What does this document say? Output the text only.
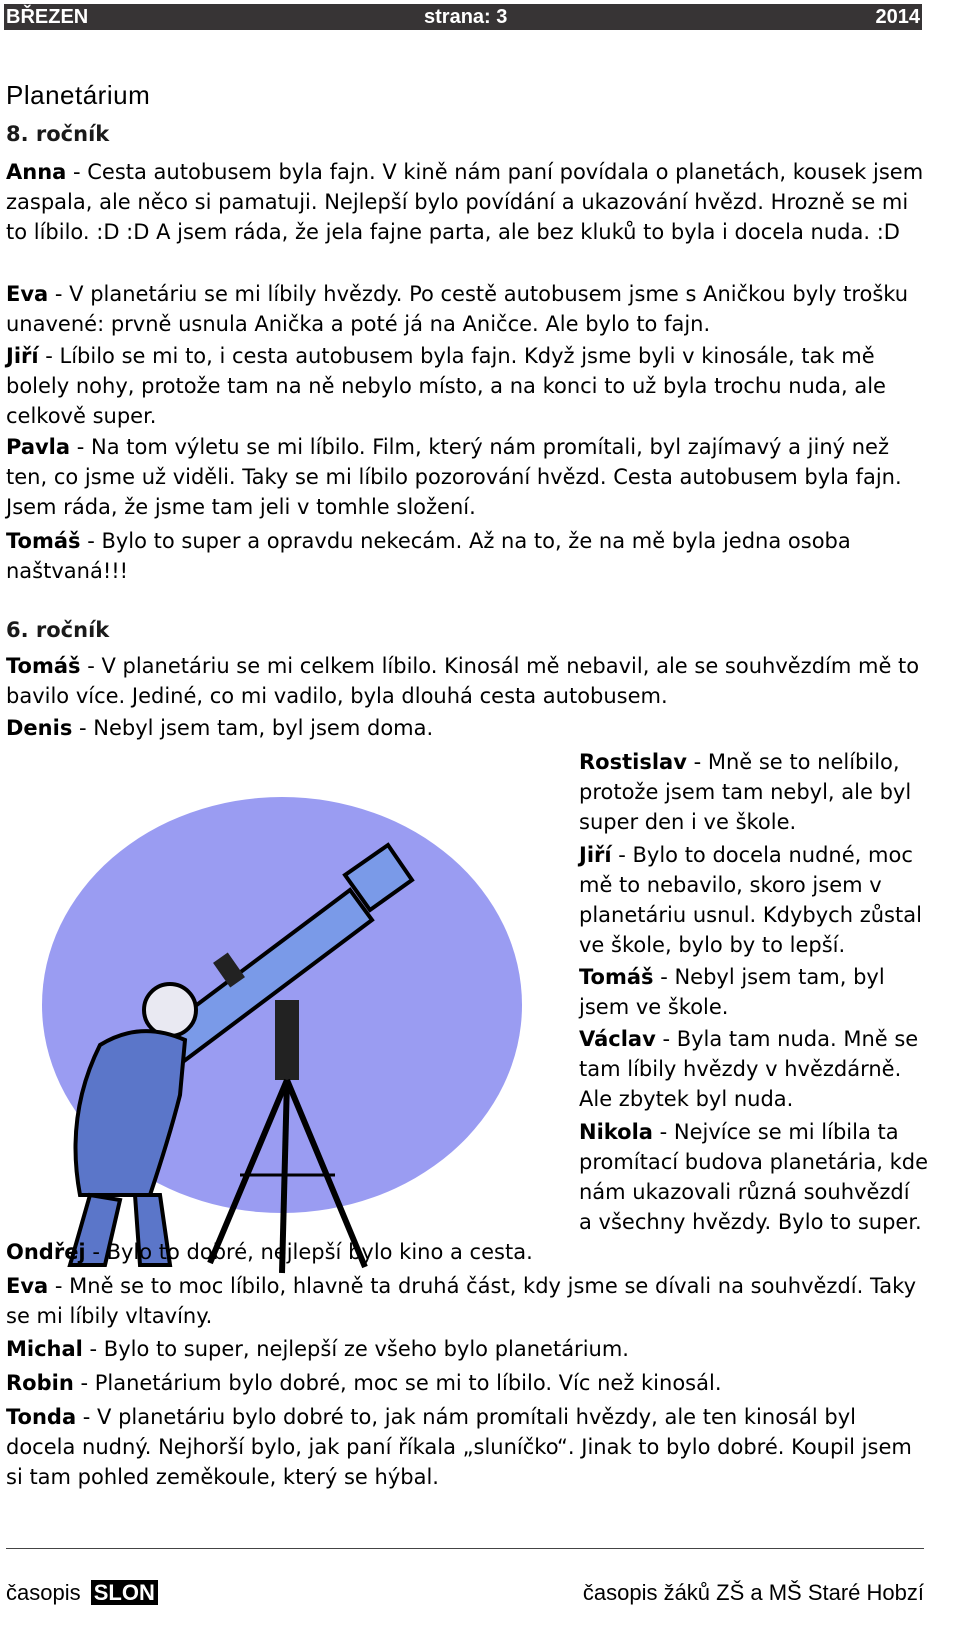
BŘEZEN	strana: 3	2014
Planetárium
8. ročník
Anna - Cesta autobusem byla fajn. V kině nám paní povídala o planetách, kousek jsem zaspala, ale něco si pamatuji. Nejlepší bylo povídání a ukazování hvězd. Hrozně se mi to líbilo. :D :D A jsem ráda, že jela fajne parta, ale bez kluků to byla i docela nuda. :D
Eva - V planetáriu se mi líbily hvězdy. Po cestě autobusem jsme s Aničkou byly trošku unavené: prvně usnula Anička a poté já na Aničce. Ale bylo to fajn.
Jiří - Líbilo se mi to, i cesta autobusem byla fajn. Když jsme byli v kinosále, tak mě bolely nohy, protože tam na ně nebylo místo, a na konci to už byla trochu nuda, ale celkově super.
Pavla - Na tom výletu se mi líbilo. Film, který nám promítali, byl zajímavý a jiný než ten, co jsme už viděli. Taky se mi líbilo pozorování hvězd. Cesta autobusem byla fajn. Jsem ráda, že jsme tam jeli v tomhle složení.
Tomáš - Bylo to super a opravdu nekecám. Až na to, že na mě byla jedna osoba naštvaná!!!
6. ročník
Tomáš - V planetáriu se mi celkem líbilo. Kinosál mě nebavil, ale se souhvězdím mě to bavilo více. Jediné, co mi vadilo, byla dlouhá cesta autobusem.
Denis - Nebyl jsem tam, byl jsem doma.
Rostislav - Mně se to nelíbilo, protože jsem tam nebyl, ale byl super den i ve škole.
Jiří - Bylo to docela nudné, moc mě to nebavilo, skoro jsem v planetáriu usnul. Kdybych zůstal ve škole, bylo by to lepší.
Tomáš - Nebyl jsem tam, byl jsem ve škole.
Václav - Byla tam nuda. Mně se tam líbily hvězdy v hvězdárně. Ale zbytek byl nuda.
Nikola - Nejvíce se mi líbila ta promítací budova planetária, kde nám ukazovali různá souhvězdí a všechny hvězdy. Bylo to super.
Ondřej - Bylo to dobré, nejlepší bylo kino a cesta.
Eva - Mně se to moc líbilo, hlavně ta druhá část, kdy jsme se dívali na souhvězdí. Taky se mi líbily vltavíny.
Michal - Bylo to super, nejlepší ze všeho bylo planetárium.
Robin - Planetárium bylo dobré, moc se mi to líbilo. Víc než kinosál.
Tonda - V planetáriu bylo dobré to, jak nám promítali hvězdy, ale ten kinosál byl docela nudný. Nejhorší bylo, jak paní říkala „sluníčko“. Jinak to bylo dobré. Koupil jsem si tam pohled zeměkoule, který se hýbal.
časopis SLON	časopis žáků ZŠ a MŠ Staré Hobzí
